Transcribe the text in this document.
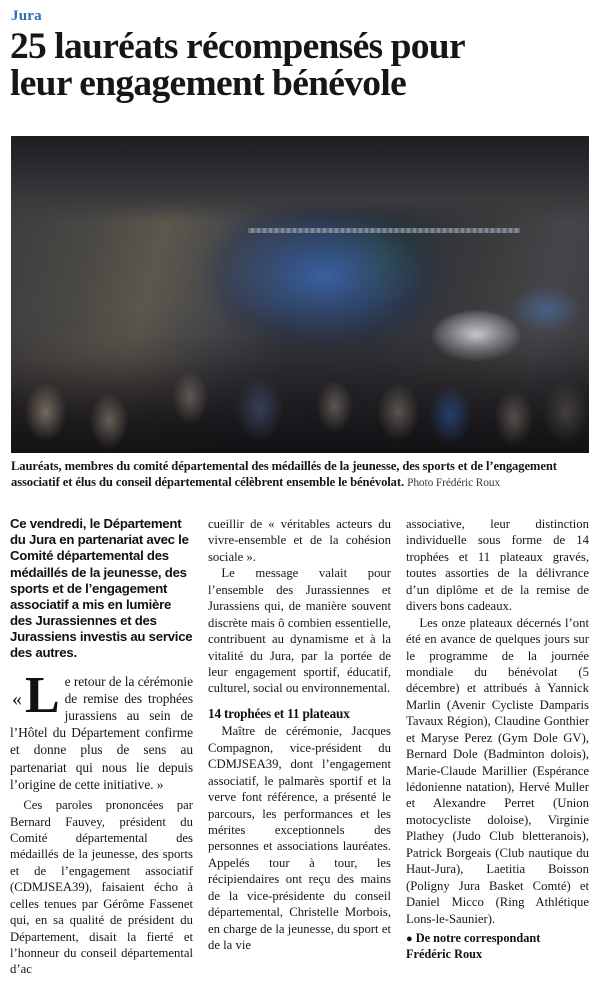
Jura
25 lauréats récompensés pour
leur engagement bénévole
Lauréats, membres du comité départemental des médaillés de la jeunesse, des sports et de l’engagement associatif et élus du conseil départemental célèbrent ensemble le bénévolat. Photo Frédéric Roux

Ce vendredi, le Département du Jura en partenariat avec le Comité départemental des médaillés de la jeunesse, des sports et de l’engagement associatif a mis en lumière des Jurassiennes et des Jurassiens investis au service des autres.

« L e retour de la cérémonie de remise des trophées jurassiens au sein de l’Hôtel du Département confirme et donne plus de sens au partenariat qui nous lie depuis l’origine de cette initiative. »

Ces paroles prononcées par Bernard Fauvey, président du Comité départemental des médaillés de la jeunesse, des sports et de l’engagement associatif (CDMJSEA39), faisaient écho à celles tenues par Gérôme Fassenet qui, en sa qualité de président du Département, disait la fierté et l’honneur du conseil départemental d’ac

cueillir de « véritables acteurs du vivre-ensemble et de la cohésion sociale ».

Le message valait pour l’ensemble des Jurassiennes et Jurassiens qui, de manière souvent discrète mais ô combien essentielle, contribuent au dynamisme et à la vitalité du Jura, par la portée de leur engagement sportif, éducatif, culturel, social ou environnemental.

14 trophées et 11 plateaux

Maître de cérémonie, Jacques Compagnon, vice-président du CDMJSEA39, dont l’engagement associatif, le palmarès sportif et la verve font référence, a présenté le parcours, les performances et les mérites exceptionnels des personnes et associations lauréates. Appelés tour à tour, les récipiendaires ont reçu des mains de la vice-présidente du conseil départemental, Christelle Morbois, en charge de la jeunesse, du sport et de la vie

associative, leur distinction individuelle sous forme de 14 trophées et 11 plateaux gravés, toutes assorties de la délivrance d’un diplôme et de la remise de divers bons cadeaux.

Les onze plateaux décernés l’ont été en avance de quelques jours sur le programme de la journée mondiale du bénévolat (5 décembre) et attribués à Yannick Marlin (Avenir Cycliste Damparis Tavaux Région), Claudine Gonthier et Maryse Perez (Gym Dole GV), Bernard Dole (Badminton dolois), Marie-Claude Marillier (Espérance lédonienne natation), Hervé Muller et Alexandre Perret (Union motocycliste doloise), Virginie Plathey (Judo Club bletteranois), Patrick Borgeais (Club nautique du Haut-Jura), Laetitia Boisson (Poligny Jura Basket Comté) et Daniel Micco (Ring Athlétique Lons-le-Saunier).

● De notre correspondant
Frédéric Roux
